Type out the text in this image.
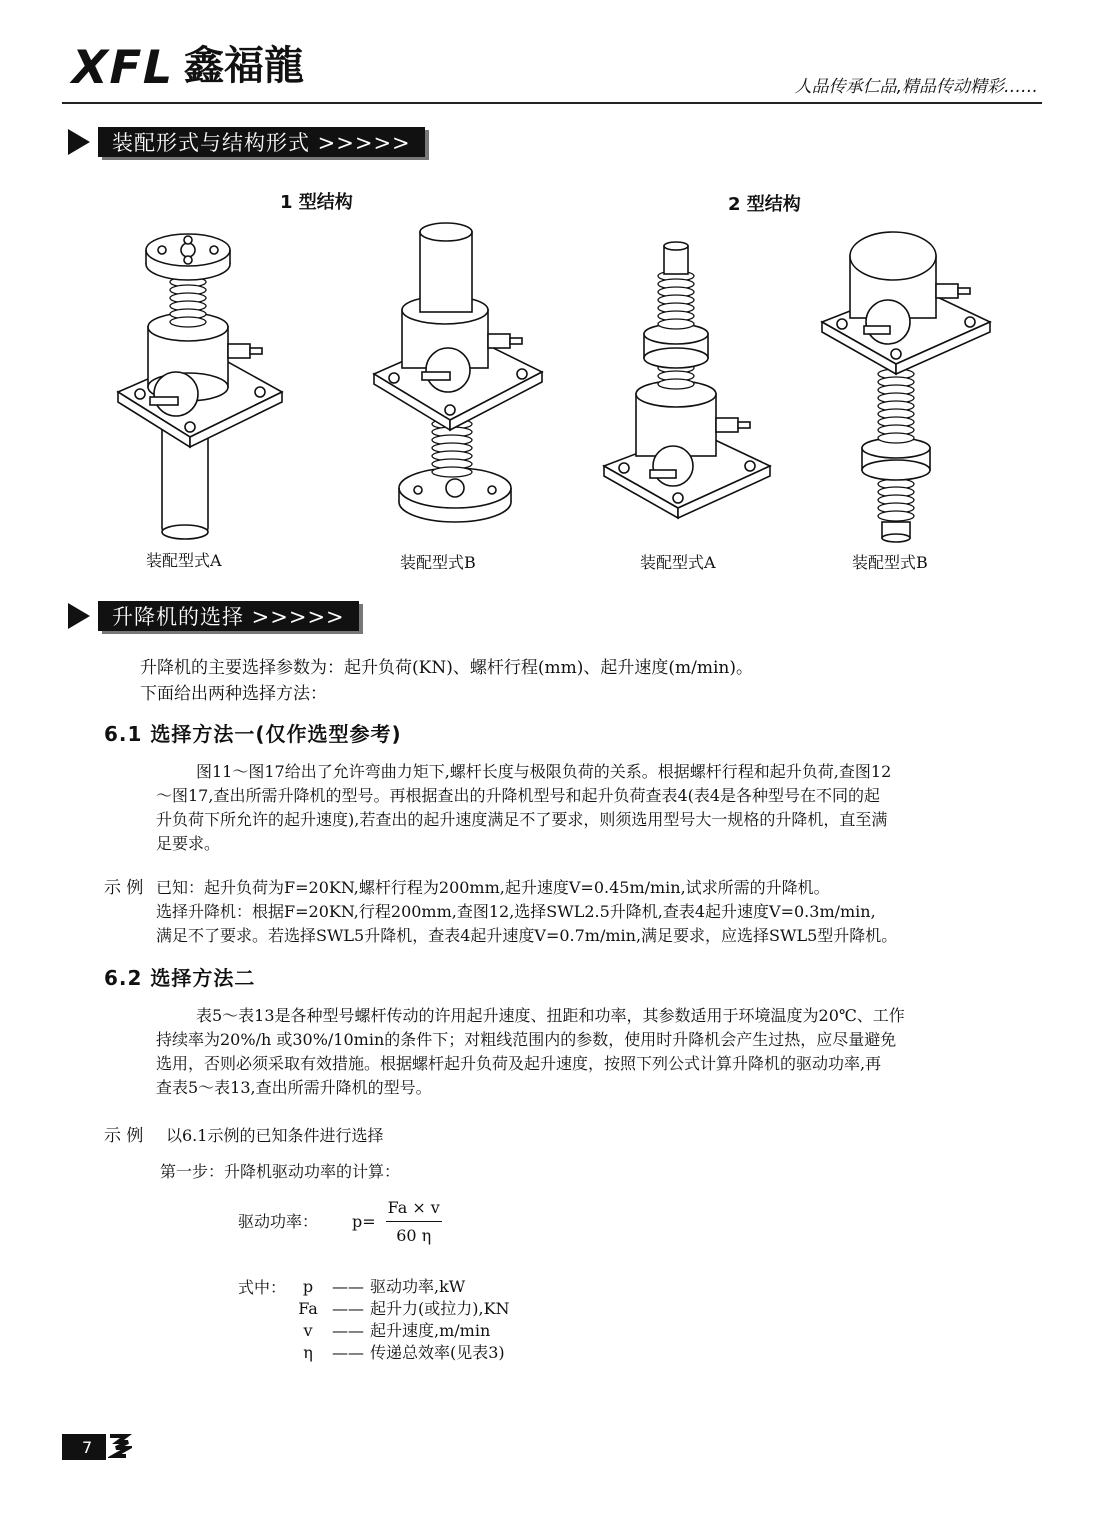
XFL 鑫福龍	人品传承仁品,精品传动精彩……
装配形式与结构形式 >>>>>
1 型结构	2 型结构
装配型式A	装配型式B	装配型式A	装配型式B
升降机的选择 >>>>>
升降机的主要选择参数为：起升负荷(KN)、螺杆行程(mm)、起升速度(m/min)。
下面给出两种选择方法：
6.1 选择方法一(仅作选型参考)
图11～图17给出了允许弯曲力矩下,螺杆长度与极限负荷的关系。根据螺杆行程和起升负荷,查图12
～图17,查出所需升降机的型号。再根据查出的升降机型号和起升负荷查表4(表4是各种型号在不同的起
升负荷下所允许的起升速度),若查出的起升速度满足不了要求，则须选用型号大一规格的升降机，直至满
足要求。
示 例 已知：起升负荷为F=20KN,螺杆行程为200mm,起升速度V=0.45m/min,试求所需的升降机。
选择升降机：根据F=20KN,行程200mm,查图12,选择SWL2.5升降机,查表4起升速度V=0.3m/min,
满足不了要求。若选择SWL5升降机，查表4起升速度V=0.7m/min,满足要求，应选择SWL5型升降机。
6.2 选择方法二
表5～表13是各种型号螺杆传动的许用起升速度、扭距和功率，其参数适用于环境温度为20℃、工作
持续率为20%/h 或30%/10min的条件下；对粗线范围内的参数，使用时升降机会产生过热，应尽量避免
选用，否则必须采取有效措施。根据螺杆起升负荷及起升速度，按照下列公式计算升降机的驱动功率,再
查表5～表13,查出所需升降机的型号。
示 例 以6.1示例的已知条件进行选择
第一步：升降机驱动功率的计算：
驱动功率： $p= \frac{Fa \times v}{60 \eta}$
式中：	p	—— 驱动功率,kW
Fa —— 起升力(或拉力),KN
v	—— 起升速度,m/min
η	—— 传递总效率(见表3)
7
